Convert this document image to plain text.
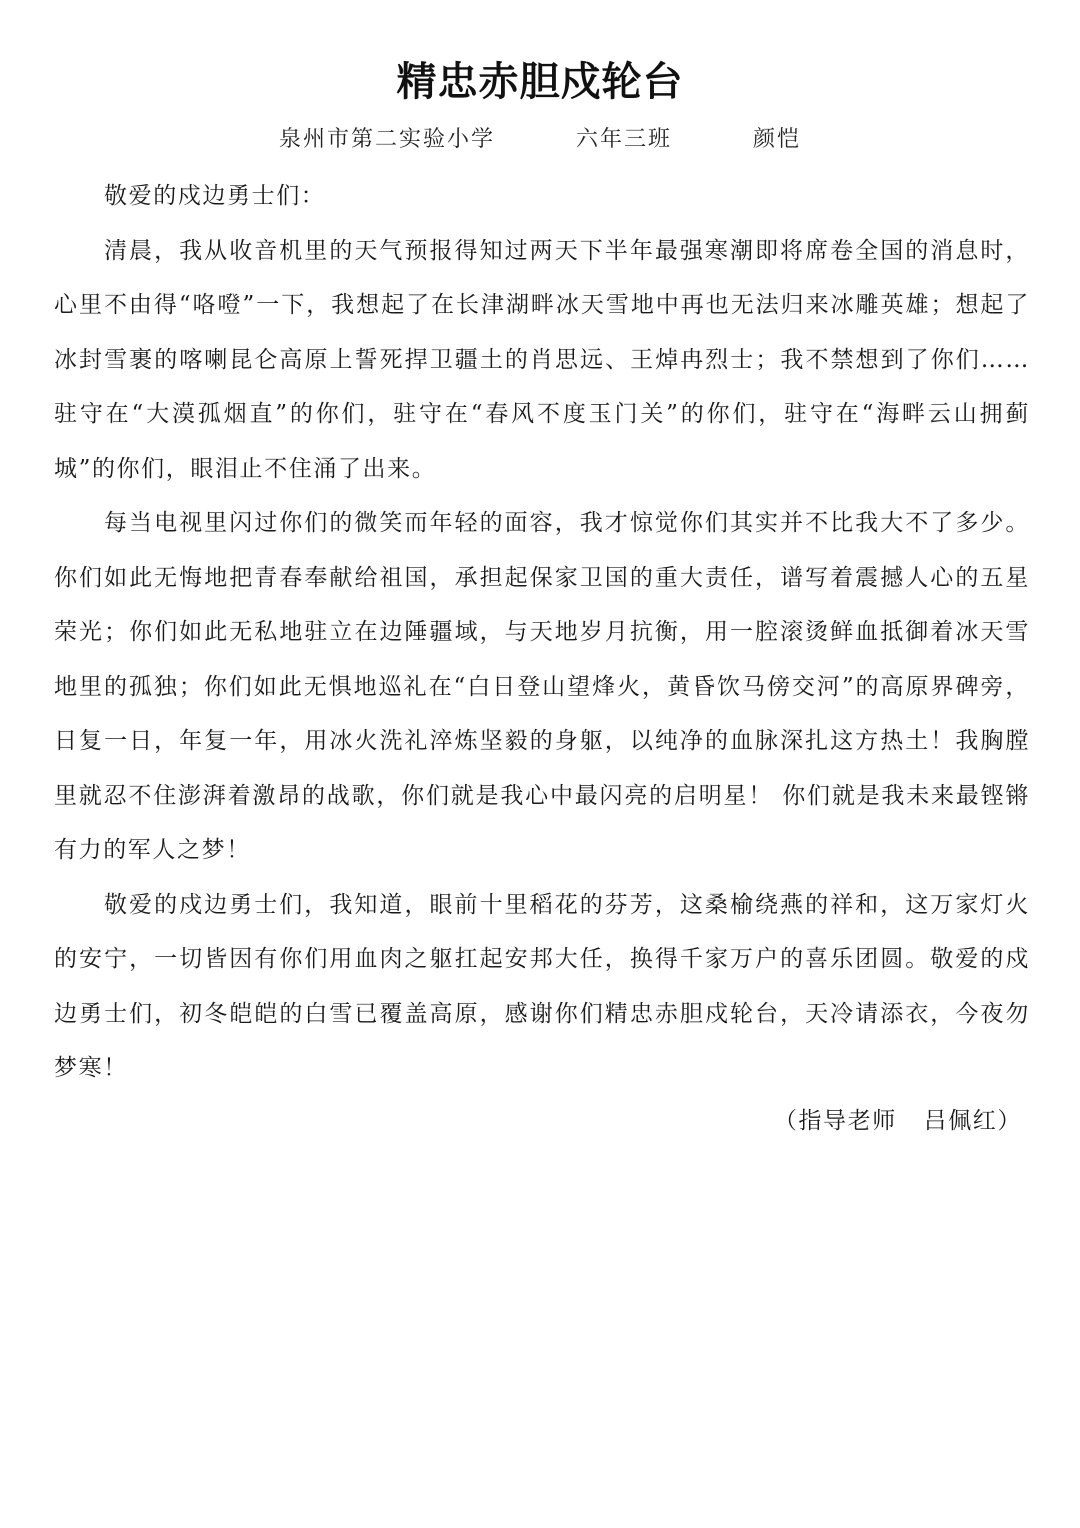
精忠赤胆戍轮台
泉州市第二实验小学   六年三班   颜恺

敬爱的戍边勇士们：

清晨，我从收音机里的天气预报得知过两天下半年最强寒潮即将席卷全国的消息时，心里不由得“咯噔”一下，我想起了在长津湖畔冰天雪地中再也无法归来冰雕英雄；想起了冰封雪裹的喀喇昆仑高原上誓死捍卫疆土的肖思远、王焯冉烈士；我不禁想到了你们……驻守在“大漠孤烟直”的你们，驻守在“春风不度玉门关”的你们，驻守在“海畔云山拥蓟城”的你们，眼泪止不住涌了出来。

每当电视里闪过你们的微笑而年轻的面容，我才惊觉你们其实并不比我大不了多少。你们如此无悔地把青春奉献给祖国，承担起保家卫国的重大责任，谱写着震撼人心的五星荣光；你们如此无私地驻立在边陲疆域，与天地岁月抗衡，用一腔滚烫鲜血抵御着冰天雪地里的孤独；你们如此无惧地巡礼在“白日登山望烽火，黄昏饮马傍交河”的高原界碑旁，日复一日，年复一年，用冰火洗礼淬炼坚毅的身躯，以纯净的血脉深扎这方热土！我胸膛里就忍不住澎湃着激昂的战歌，你们就是我心中最闪亮的启明星！ 你们就是我未来最铿锵有力的军人之梦！

敬爱的戍边勇士们，我知道，眼前十里稻花的芬芳，这桑榆绕燕的祥和，这万家灯火的安宁，一切皆因有你们用血肉之躯扛起安邦大任，换得千家万户的喜乐团圆。敬爱的戍边勇士们，初冬皑皑的白雪已覆盖高原，感谢你们精忠赤胆戍轮台，天冷请添衣，今夜勿梦寒！

（指导老师   吕佩红）
